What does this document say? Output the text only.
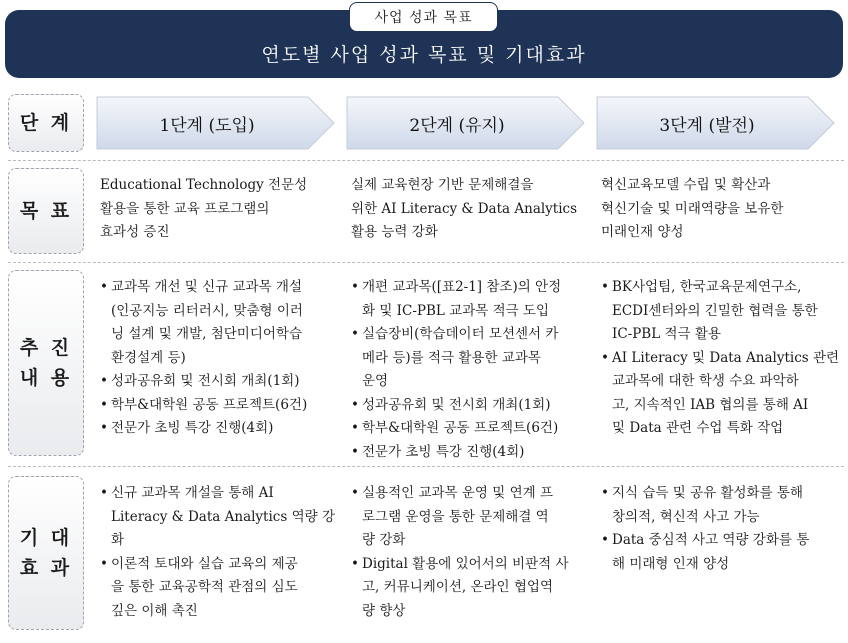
사업 성과 목표
연도별 사업 성과 목표 및 기대효과
단 계
목 표
추 진
내 용
기 대
효 과
1단계 (도입)	2단계 (유지)	3단계 (발전)
Educational Technology 전문성
활용을 통한 교육 프로그램의
효과성 증진
실제 교육현장 기반 문제해결을
위한 AI Literacy & Data Analytics
활용 능력 강화
혁신교육모델 수립 및 확산과
혁신기술 및 미래역량을 보유한
미래인재 양성
• 교과목 개선 및 신규 교과목 개설
(인공지능 리터러시, 맞춤형 이러
닝 설계 및 개발, 첨단미디어학습
환경설계 등)
• 성과공유회 및 전시회 개최(1회)
• 학부&대학원 공동 프로젝트(6건)
• 전문가 초빙 특강 진행(4회)
• 개편 교과목([표2-1] 참조)의 안정
화 및 IC-PBL 교과목 적극 도입
• 실습장비(학습데이터 모션센서 카
메라 등)를 적극 활용한 교과목
운영
• 성과공유회 및 전시회 개최(1회)
• 학부&대학원 공동 프로젝트(6건)
• 전문가 초빙 특강 진행(4회)
• BK사업팀, 한국교육문제연구소,
ECDI센터와의 긴밀한 협력을 통한
IC-PBL 적극 활용
• AI Literacy 및 Data Analytics 관련
교과목에 대한 학생 수요 파악하
고, 지속적인 IAB 협의를 통해 AI
및 Data 관련 수업 특화 작업
• 신규 교과목 개설을 통해 AI
Literacy & Data Analytics 역량 강
화
• 이론적 토대와 실습 교육의 제공
을 통한 교육공학적 관점의 심도
깊은 이해 촉진
• 실용적인 교과목 운영 및 연계 프
로그램 운영을 통한 문제해결 역
량 강화
• Digital 활용에 있어서의 비판적 사
고, 커뮤니케이션, 온라인 협업역
량 향상
• 지식 습득 및 공유 활성화를 통해
창의적, 혁신적 사고 가능
• Data 중심적 사고 역량 강화를 통
해 미래형 인재 양성
